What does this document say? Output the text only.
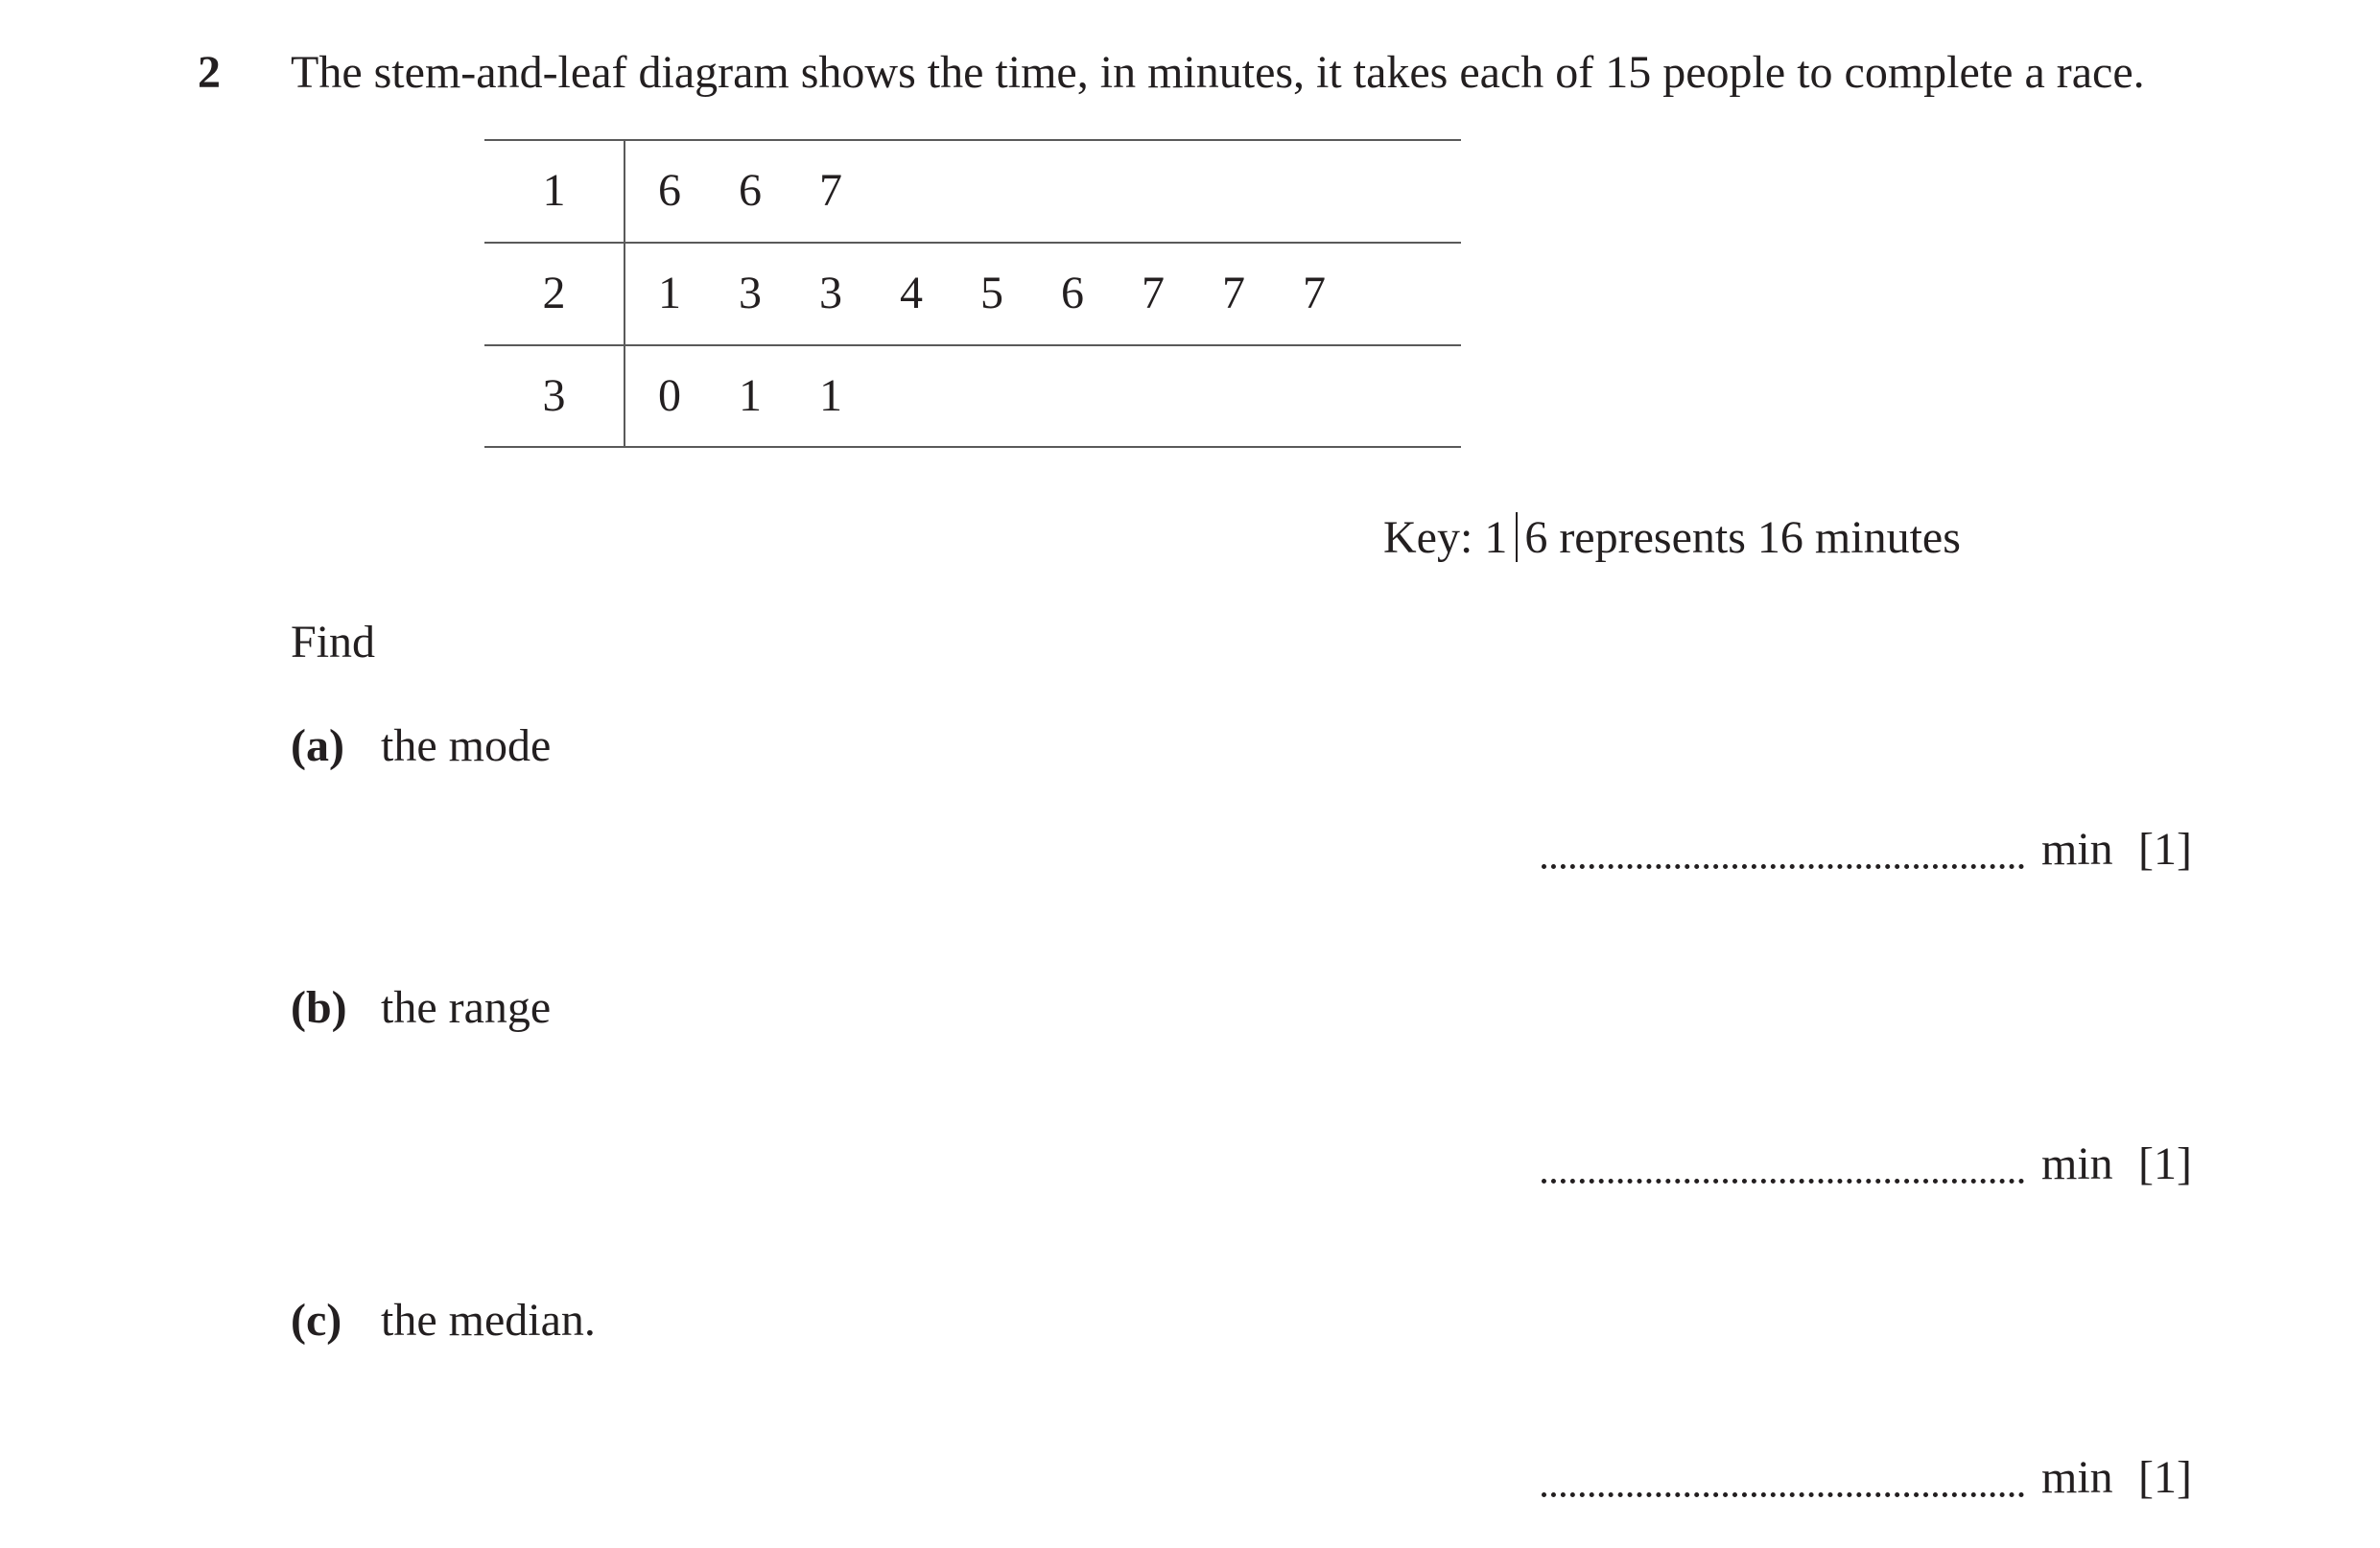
2 The stem-and-leaf diagram shows the time, in minutes, it takes each of 15 people to complete a race.
1	6	6	7
2	1	3	3	4	5	6	7	7	7
3	0	1	1
Key: 1 6 represents 16 minutes
Find
(a) the mode
min [1]
(b) the range
min [1]
(c) the median.
min [1]
